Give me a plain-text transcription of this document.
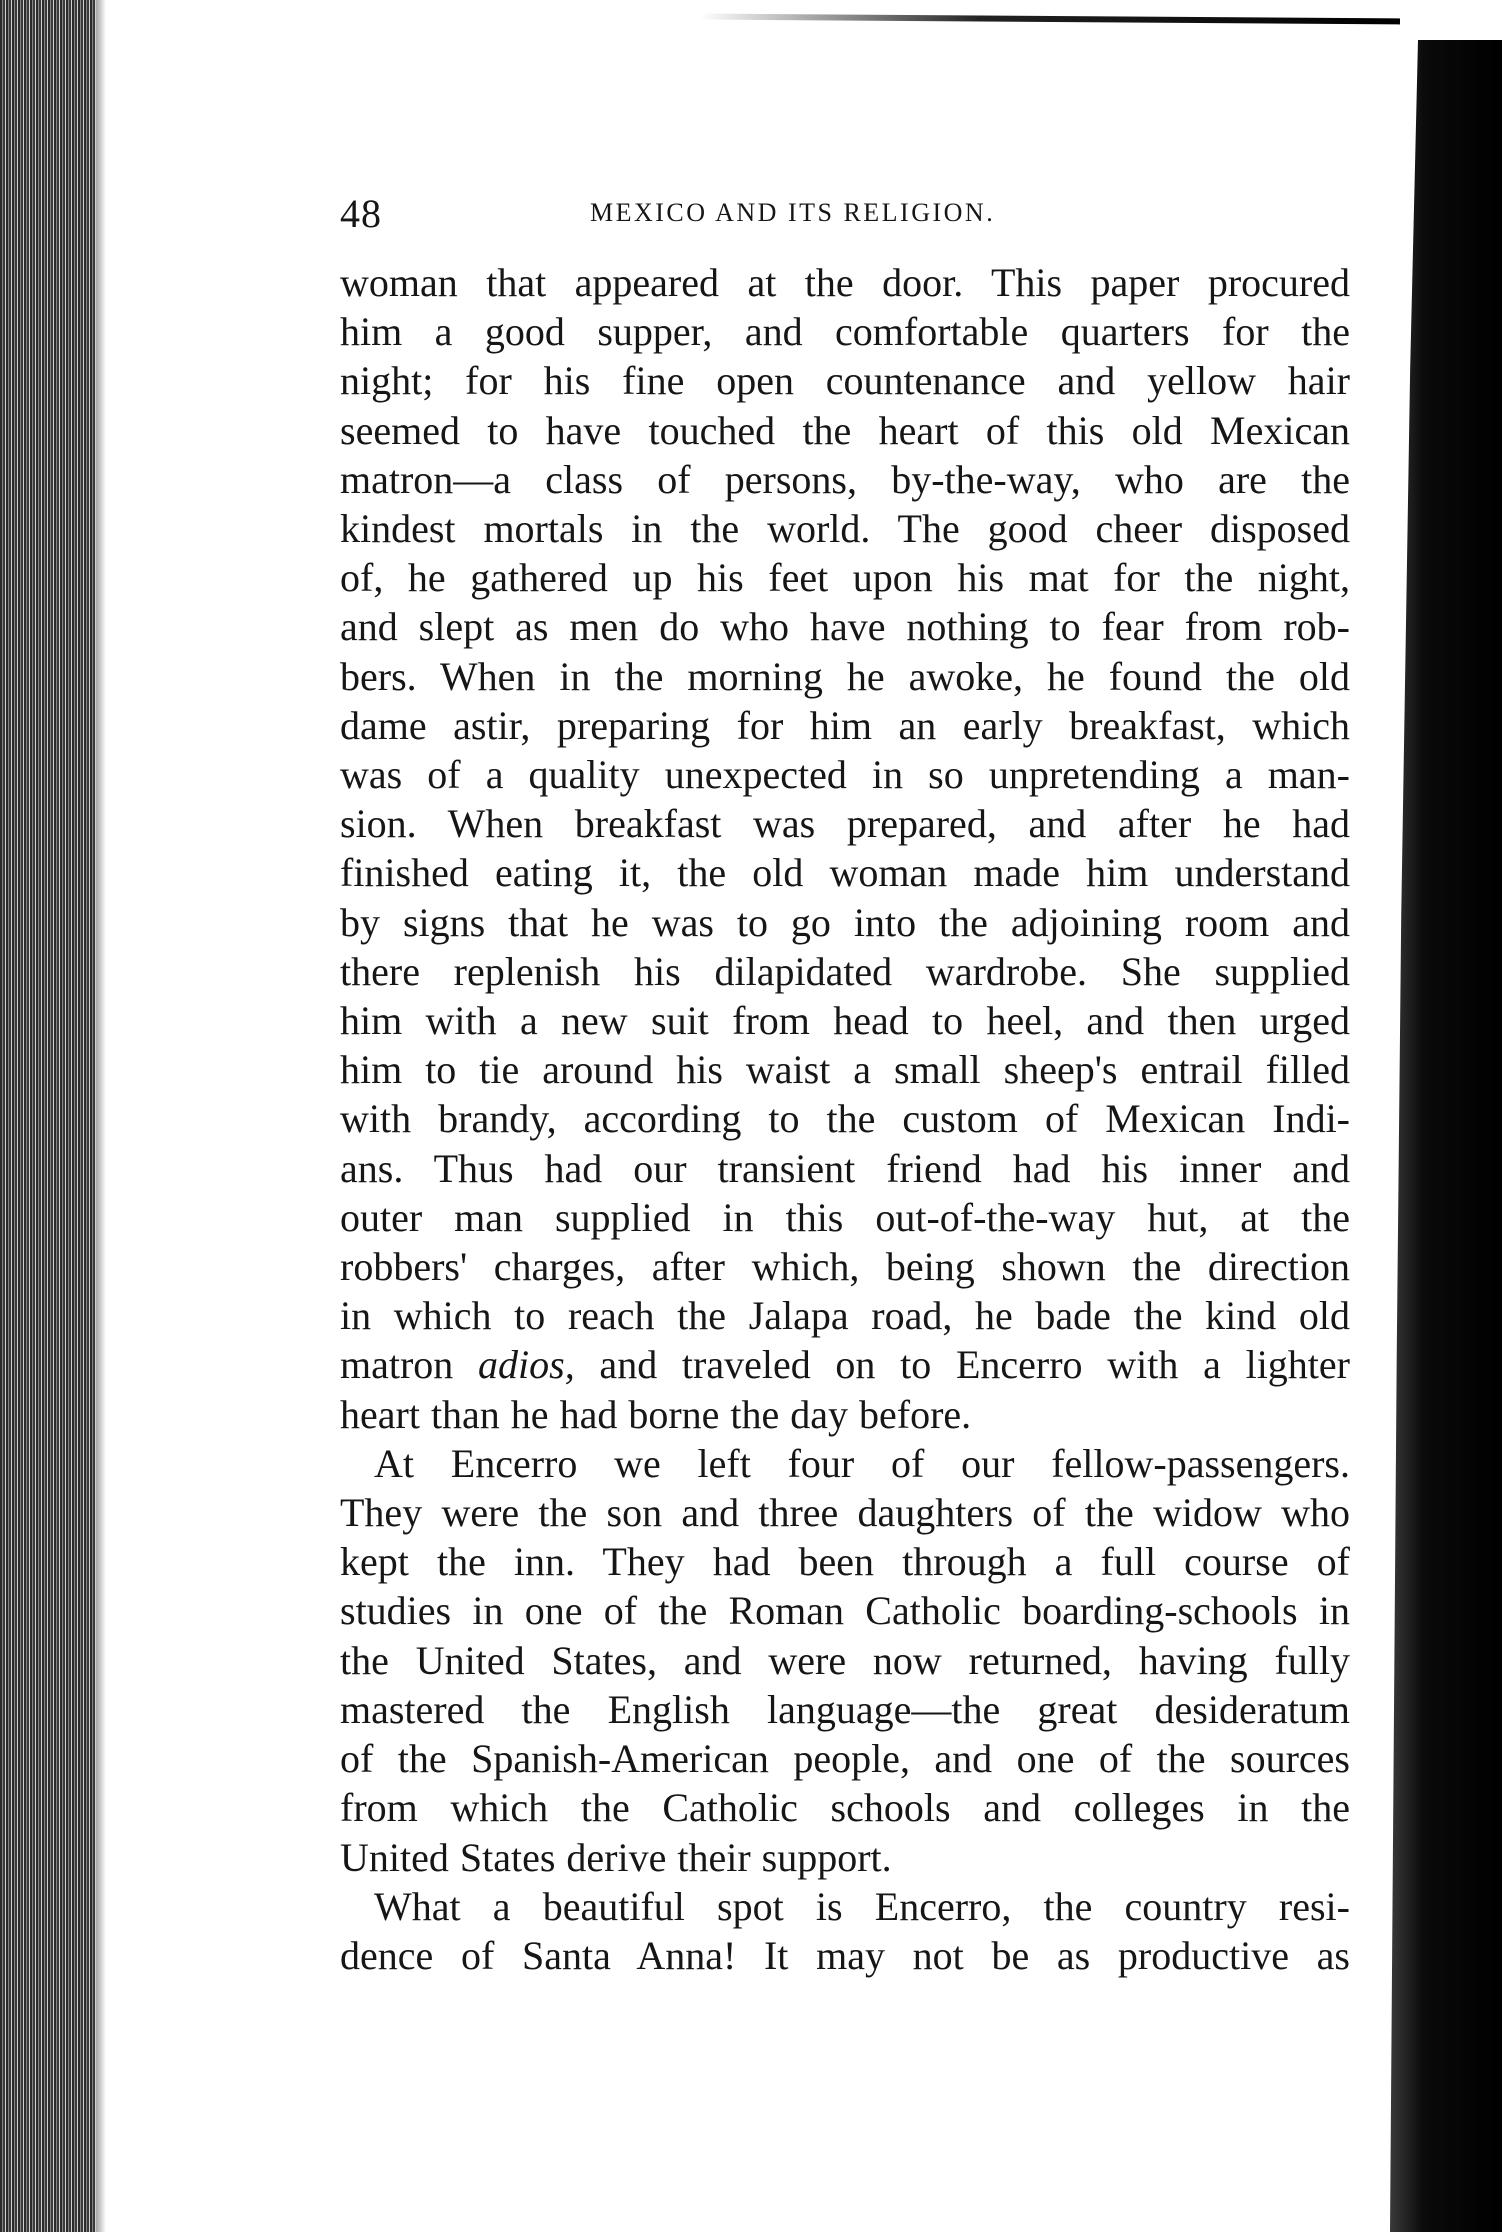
48	MEXICO AND ITS RELIGION.

woman that appeared at the door. This paper procured

him a good supper, and comfortable quarters for the

night; for his fine open countenance and yellow hair

seemed to have touched the heart of this old Mexican

matron—a class of persons, by-the-way, who are the

kindest mortals in the world. The good cheer disposed

of, he gathered up his feet upon his mat for the night,

and slept as men do who have nothing to fear from rob-

bers. When in the morning he awoke, he found the old

dame astir, preparing for him an early breakfast, which

was of a quality unexpected in so unpretending a man-

sion. When breakfast was prepared, and after he had

finished eating it, the old woman made him understand

by signs that he was to go into the adjoining room and

there replenish his dilapidated wardrobe. She supplied

him with a new suit from head to heel, and then urged

him to tie around his waist a small sheep's entrail filled

with brandy, according to the custom of Mexican Indi-

ans. Thus had our transient friend had his inner and

outer man supplied in this out-of-the-way hut, at the

robbers' charges, after which, being shown the direction

in which to reach the Jalapa road, he bade the kind old

matron adios, and traveled on to Encerro with a lighter

heart than he had borne the day before.

At Encerro we left four of our fellow-passengers.

They were the son and three daughters of the widow who

kept the inn. They had been through a full course of

studies in one of the Roman Catholic boarding-schools in

the United States, and were now returned, having fully

mastered the English language—the great desideratum

of the Spanish-American people, and one of the sources

from which the Catholic schools and colleges in the

United States derive their support.

What a beautiful spot is Encerro, the country resi-

dence of Santa Anna! It may not be as productive as
